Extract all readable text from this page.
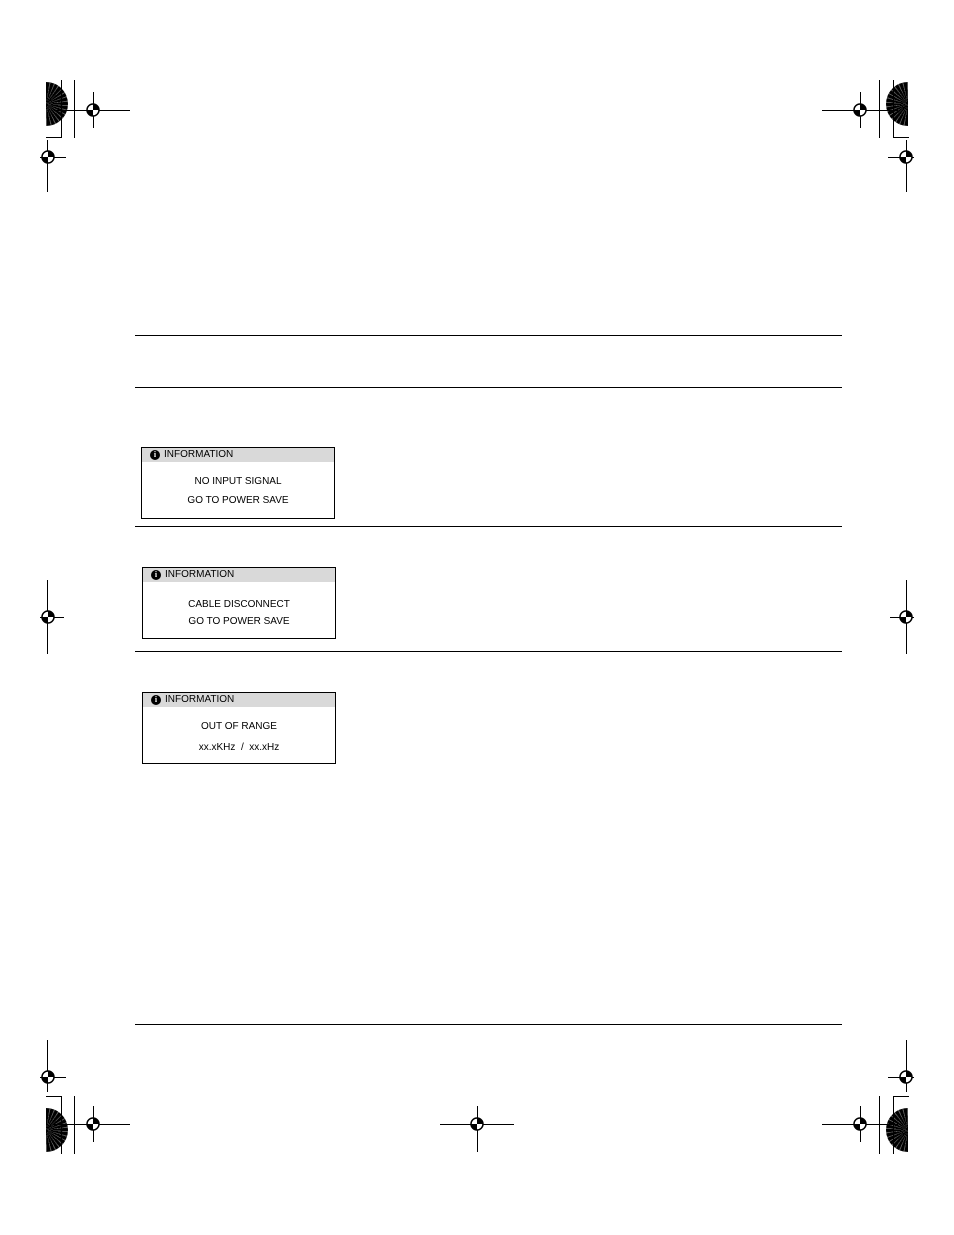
i INFORMATION
NO INPUT SIGNAL
GO TO POWER SAVE
i INFORMATION
CABLE DISCONNECT
GO TO POWER SAVE
i INFORMATION
OUT OF RANGE
xx.xKHz  /  xx.xHz
